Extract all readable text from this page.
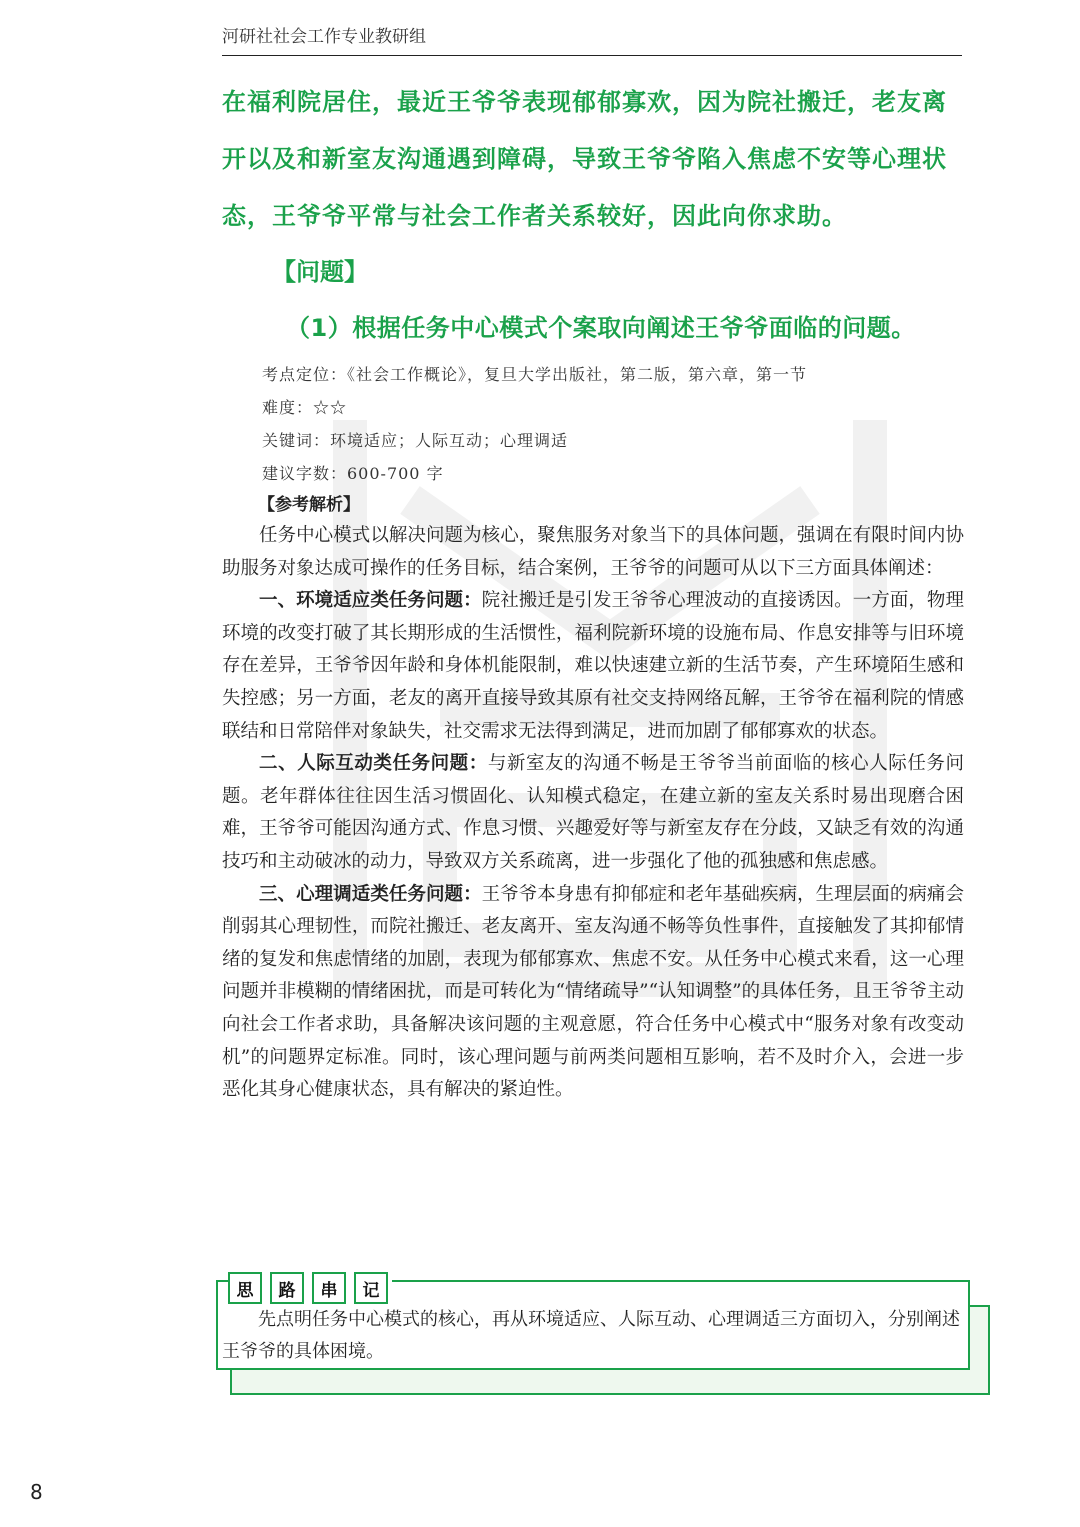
河研社社会工作专业教研组

在福利院居住，最近王爷爷表现郁郁寡欢，因为院社搬迁，老友离开以及和新室友沟通遇到障碍，导致王爷爷陷入焦虑不安等心理状态，王爷爷平常与社会工作者关系较好，因此向你求助。

【问题】
（1）根据任务中心模式个案取向阐述王爷爷面临的问题。
考点定位：《社会工作概论》，复旦大学出版社，第二版，第六章，第一节
难度：☆☆
关键词：环境适应；人际互动；心理调适
建议字数：600-700 字
【参考解析】

任务中心模式以解决问题为核心，聚焦服务对象当下的具体问题，强调在有限时间内协助服务对象达成可操作的任务目标，结合案例，王爷爷的问题可从以下三方面具体阐述：

一、环境适应类任务问题：院社搬迁是引发王爷爷心理波动的直接诱因。一方面，物理环境的改变打破了其长期形成的生活惯性，福利院新环境的设施布局、作息安排等与旧环境存在差异，王爷爷因年龄和身体机能限制，难以快速建立新的生活节奏，产生环境陌生感和失控感；另一方面，老友的离开直接导致其原有社交支持网络瓦解，王爷爷在福利院的情感联结和日常陪伴对象缺失，社交需求无法得到满足，进而加剧了郁郁寡欢的状态。

二、人际互动类任务问题：与新室友的沟通不畅是王爷爷当前面临的核心人际任务问题。老年群体往往因生活习惯固化、认知模式稳定，在建立新的室友关系时易出现磨合困难，王爷爷可能因沟通方式、作息习惯、兴趣爱好等与新室友存在分歧，又缺乏有效的沟通技巧和主动破冰的动力，导致双方关系疏离，进一步强化了他的孤独感和焦虑感。

三、心理调适类任务问题：王爷爷本身患有抑郁症和老年基础疾病，生理层面的病痛会削弱其心理韧性，而院社搬迁、老友离开、室友沟通不畅等负性事件，直接触发了其抑郁情绪的复发和焦虑情绪的加剧，表现为郁郁寡欢、焦虑不安。从任务中心模式来看，这一心理问题并非模糊的情绪困扰，而是可转化为“情绪疏导”“认知调整”的具体任务，且王爷爷主动向社会工作者求助，具备解决该问题的主观意愿，符合任务中心模式中“服务对象有改变动机”的问题界定标准。同时，该心理问题与前两类问题相互影响，若不及时介入，会进一步恶化其身心健康状态，具有解决的紧迫性。

思	路	串	记

先点明任务中心模式的核心，再从环境适应、人际互动、心理调适三方面切入，分别阐述王爷爷的具体困境。

8
